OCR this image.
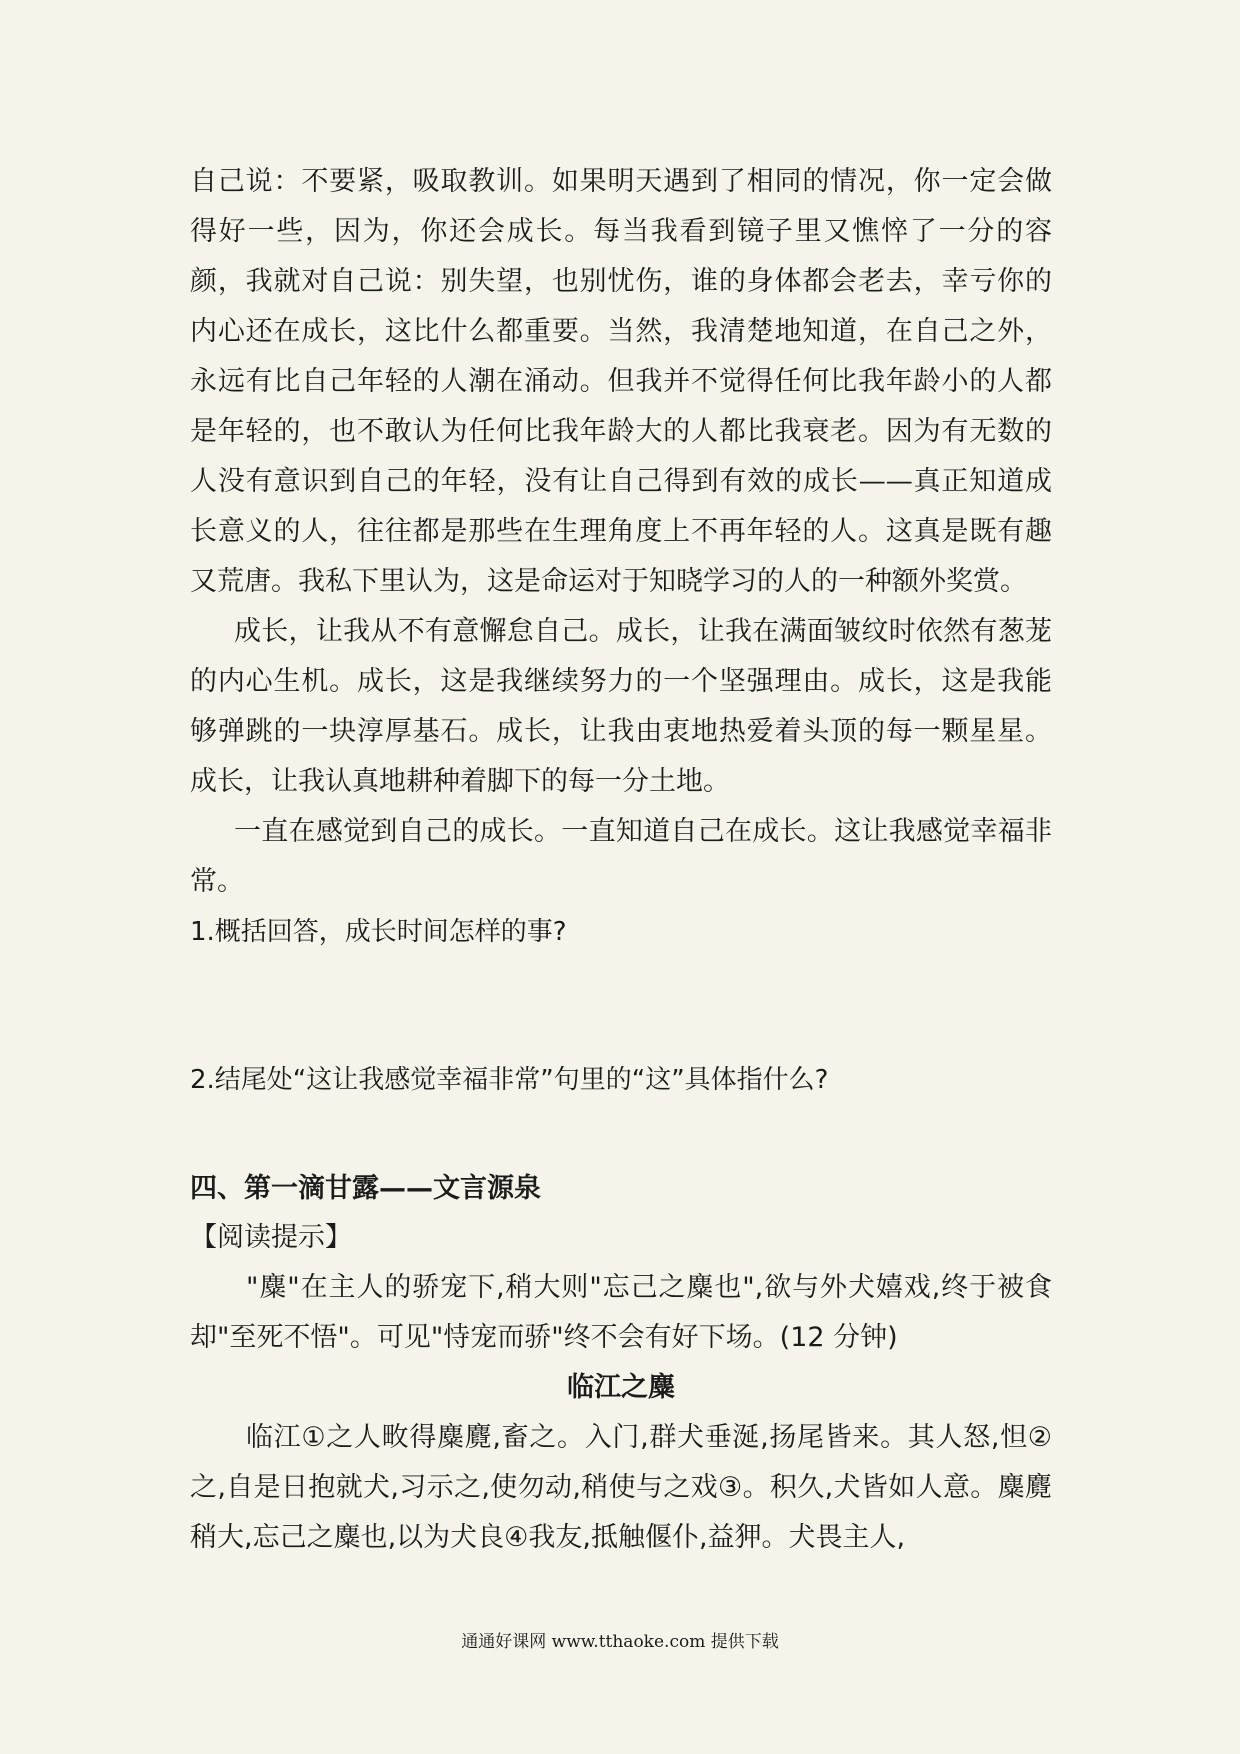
自己说：不要紧，吸取教训。如果明天遇到了相同的情况，你一定会做得好一些，因为，你还会成长。每当我看到镜子里又憔悴了一分的容颜，我就对自己说：别失望，也别忧伤，谁的身体都会老去，幸亏你的内心还在成长，这比什么都重要。当然，我清楚地知道，在自己之外，永远有比自己年轻的人潮在涌动。但我并不觉得任何比我年龄小的人都是年轻的，也不敢认为任何比我年龄大的人都比我衰老。因为有无数的人没有意识到自己的年轻，没有让自己得到有效的成长——真正知道成长意义的人，往往都是那些在生理角度上不再年轻的人。这真是既有趣又荒唐。我私下里认为，这是命运对于知晓学习的人的一种额外奖赏。

成长，让我从不有意懈怠自己。成长，让我在满面皱纹时依然有葱茏的内心生机。成长，这是我继续努力的一个坚强理由。成长，这是我能够弹跳的一块淳厚基石。成长，让我由衷地热爱着头顶的每一颗星星。成长，让我认真地耕种着脚下的每一分土地。

一直在感觉到自己的成长。一直知道自己在成长。这让我感觉幸福非常。

1.概括回答，成长时间怎样的事?

2.结尾处“这让我感觉幸福非常”句里的“这”具体指什么?

四、第一滴甘露——文言源泉

【阅读提示】

"麋"在主人的骄宠下,稍大则"忘己之麋也",欲与外犬嬉戏,终于被食却"至死不悟"。可见"恃宠而骄"终不会有好下场。(12 分钟)

临江之麋

临江①之人畋得麋麑,畜之。入门,群犬垂涎,扬尾皆来。其人怒,怛②之,自是日抱就犬,习示之,使勿动,稍使与之戏③。积久,犬皆如人意。麋麑稍大,忘己之麋也,以为犬良④我友,抵触偃仆,益狎。犬畏主人,

通通好课网 www.tthaoke.com 提供下载
